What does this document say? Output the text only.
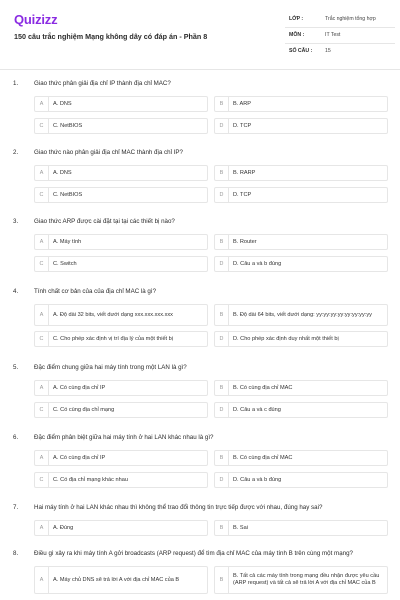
Quizizz
150 câu trắc nghiệm Mạng không dây có đáp án - Phần 8
LỚP :	Trắc nghiệm tổng hợp
MÔN :	IT Test
SỐ CÂU : 15
1.	Giao thức phân giải địa chỉ IP thành địa chỉ MAC?
A	A. DNS	B	B. ARP
C	C. NetBIOS	D	D. TCP
2.	Giao thức nào phân giải địa chỉ MAC thành địa chỉ IP?
A	A. DNS	B	B. RARP
C	C. NetBIOS	D	D. TCP
3.	Giao thức ARP được cài đặt tại tại các thiết bị nào?
A	A. Máy tính	B	B. Router
C	C. Switch	D	D. Câu a và b đúng
4.	Tính chất cơ bản của của địa chỉ MAC là gì?
A	A. Độ dài 32 bits, viết dưới dạng xxx.xxx.xxx.xxx	B	B. Độ dài 64 bits, viết dưới dạng: yy:yy:yy:yy:yy:yy:yy:yy
C	C. Cho phép xác định vị trí địa lý của một thiết bị	D	D. Cho phép xác định duy nhất một thiết bị
5.	Đặc điểm chung giữa hai máy tính trong một LAN là gì?
A	A. Có cùng địa chỉ IP	B	B. Có cùng địa chỉ MAC
C	C. Có cùng địa chỉ mạng	D	D. Câu a và c đúng
6.	Đặc điểm phân biệt giữa hai máy tính ở hai LAN khác nhau là gì?
A	A. Có cùng địa chỉ IP	B	B. Có cùng địa chỉ MAC
C	C. Có địa chỉ mạng khác nhau	D	D. Câu a và b đúng
7.	Hai máy tính ở hai LAN khác nhau thì không thể trao đổi thông tin trực tiếp được với nhau, đúng hay sai?
A	A. Đúng	B	B. Sai
8.	Điều gì xảy ra khi máy tính A gởi broadcasts (ARP request) để tìm địa chỉ MAC của máy tính B trên cùng một mạng?
A	A. Máy chủ DNS sẽ trả lời A với địa chỉ MAC của B	B
B. Tất cả các máy tính trong mạng đều nhận được yêu cầu (ARP request) và tất cả sẽ trả lời A với địa chỉ MAC của B
